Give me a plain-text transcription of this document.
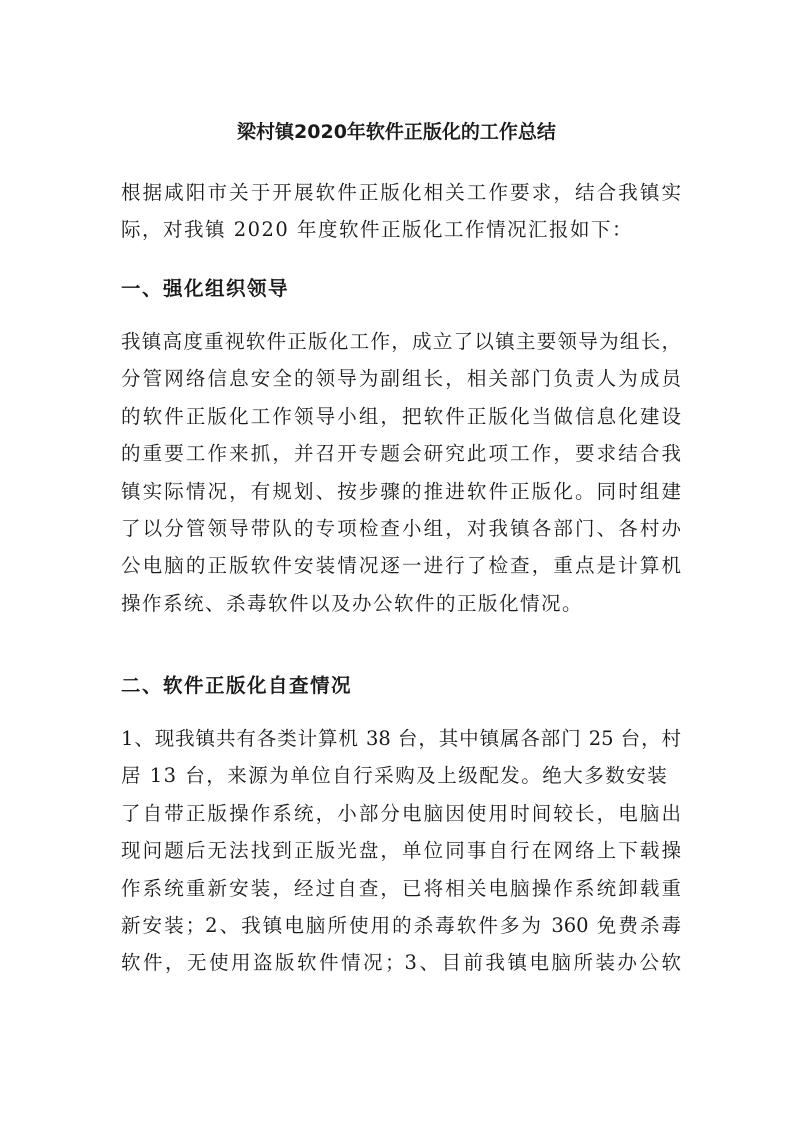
梁村镇2020年软件正版化的工作总结
根据咸阳市关于开展软件正版化相关工作要求，结合我镇实
际，对我镇 2020 年度软件正版化工作情况汇报如下：
一、强化组织领导
我镇高度重视软件正版化工作，成立了以镇主要领导为组长，
分管网络信息安全的领导为副组长，相关部门负责人为成员
的软件正版化工作领导小组，把软件正版化当做信息化建设
的重要工作来抓，并召开专题会研究此项工作，要求结合我
镇实际情况，有规划、按步骤的推进软件正版化。同时组建
了以分管领导带队的专项检查小组，对我镇各部门、各村办
公电脑的正版软件安装情况逐一进行了检查，重点是计算机
操作系统、杀毒软件以及办公软件的正版化情况。
二、软件正版化自查情况
1、现我镇共有各类计算机 38 台，其中镇属各部门 25 台，村
居 13 台，来源为单位自行采购及上级配发。绝大多数安装
了自带正版操作系统，小部分电脑因使用时间较长，电脑出
现问题后无法找到正版光盘，单位同事自行在网络上下载操
作系统重新安装，经过自查，已将相关电脑操作系统卸载重
新安装；2、我镇电脑所使用的杀毒软件多为 360 免费杀毒
软件，无使用盗版软件情况；3、目前我镇电脑所装办公软
